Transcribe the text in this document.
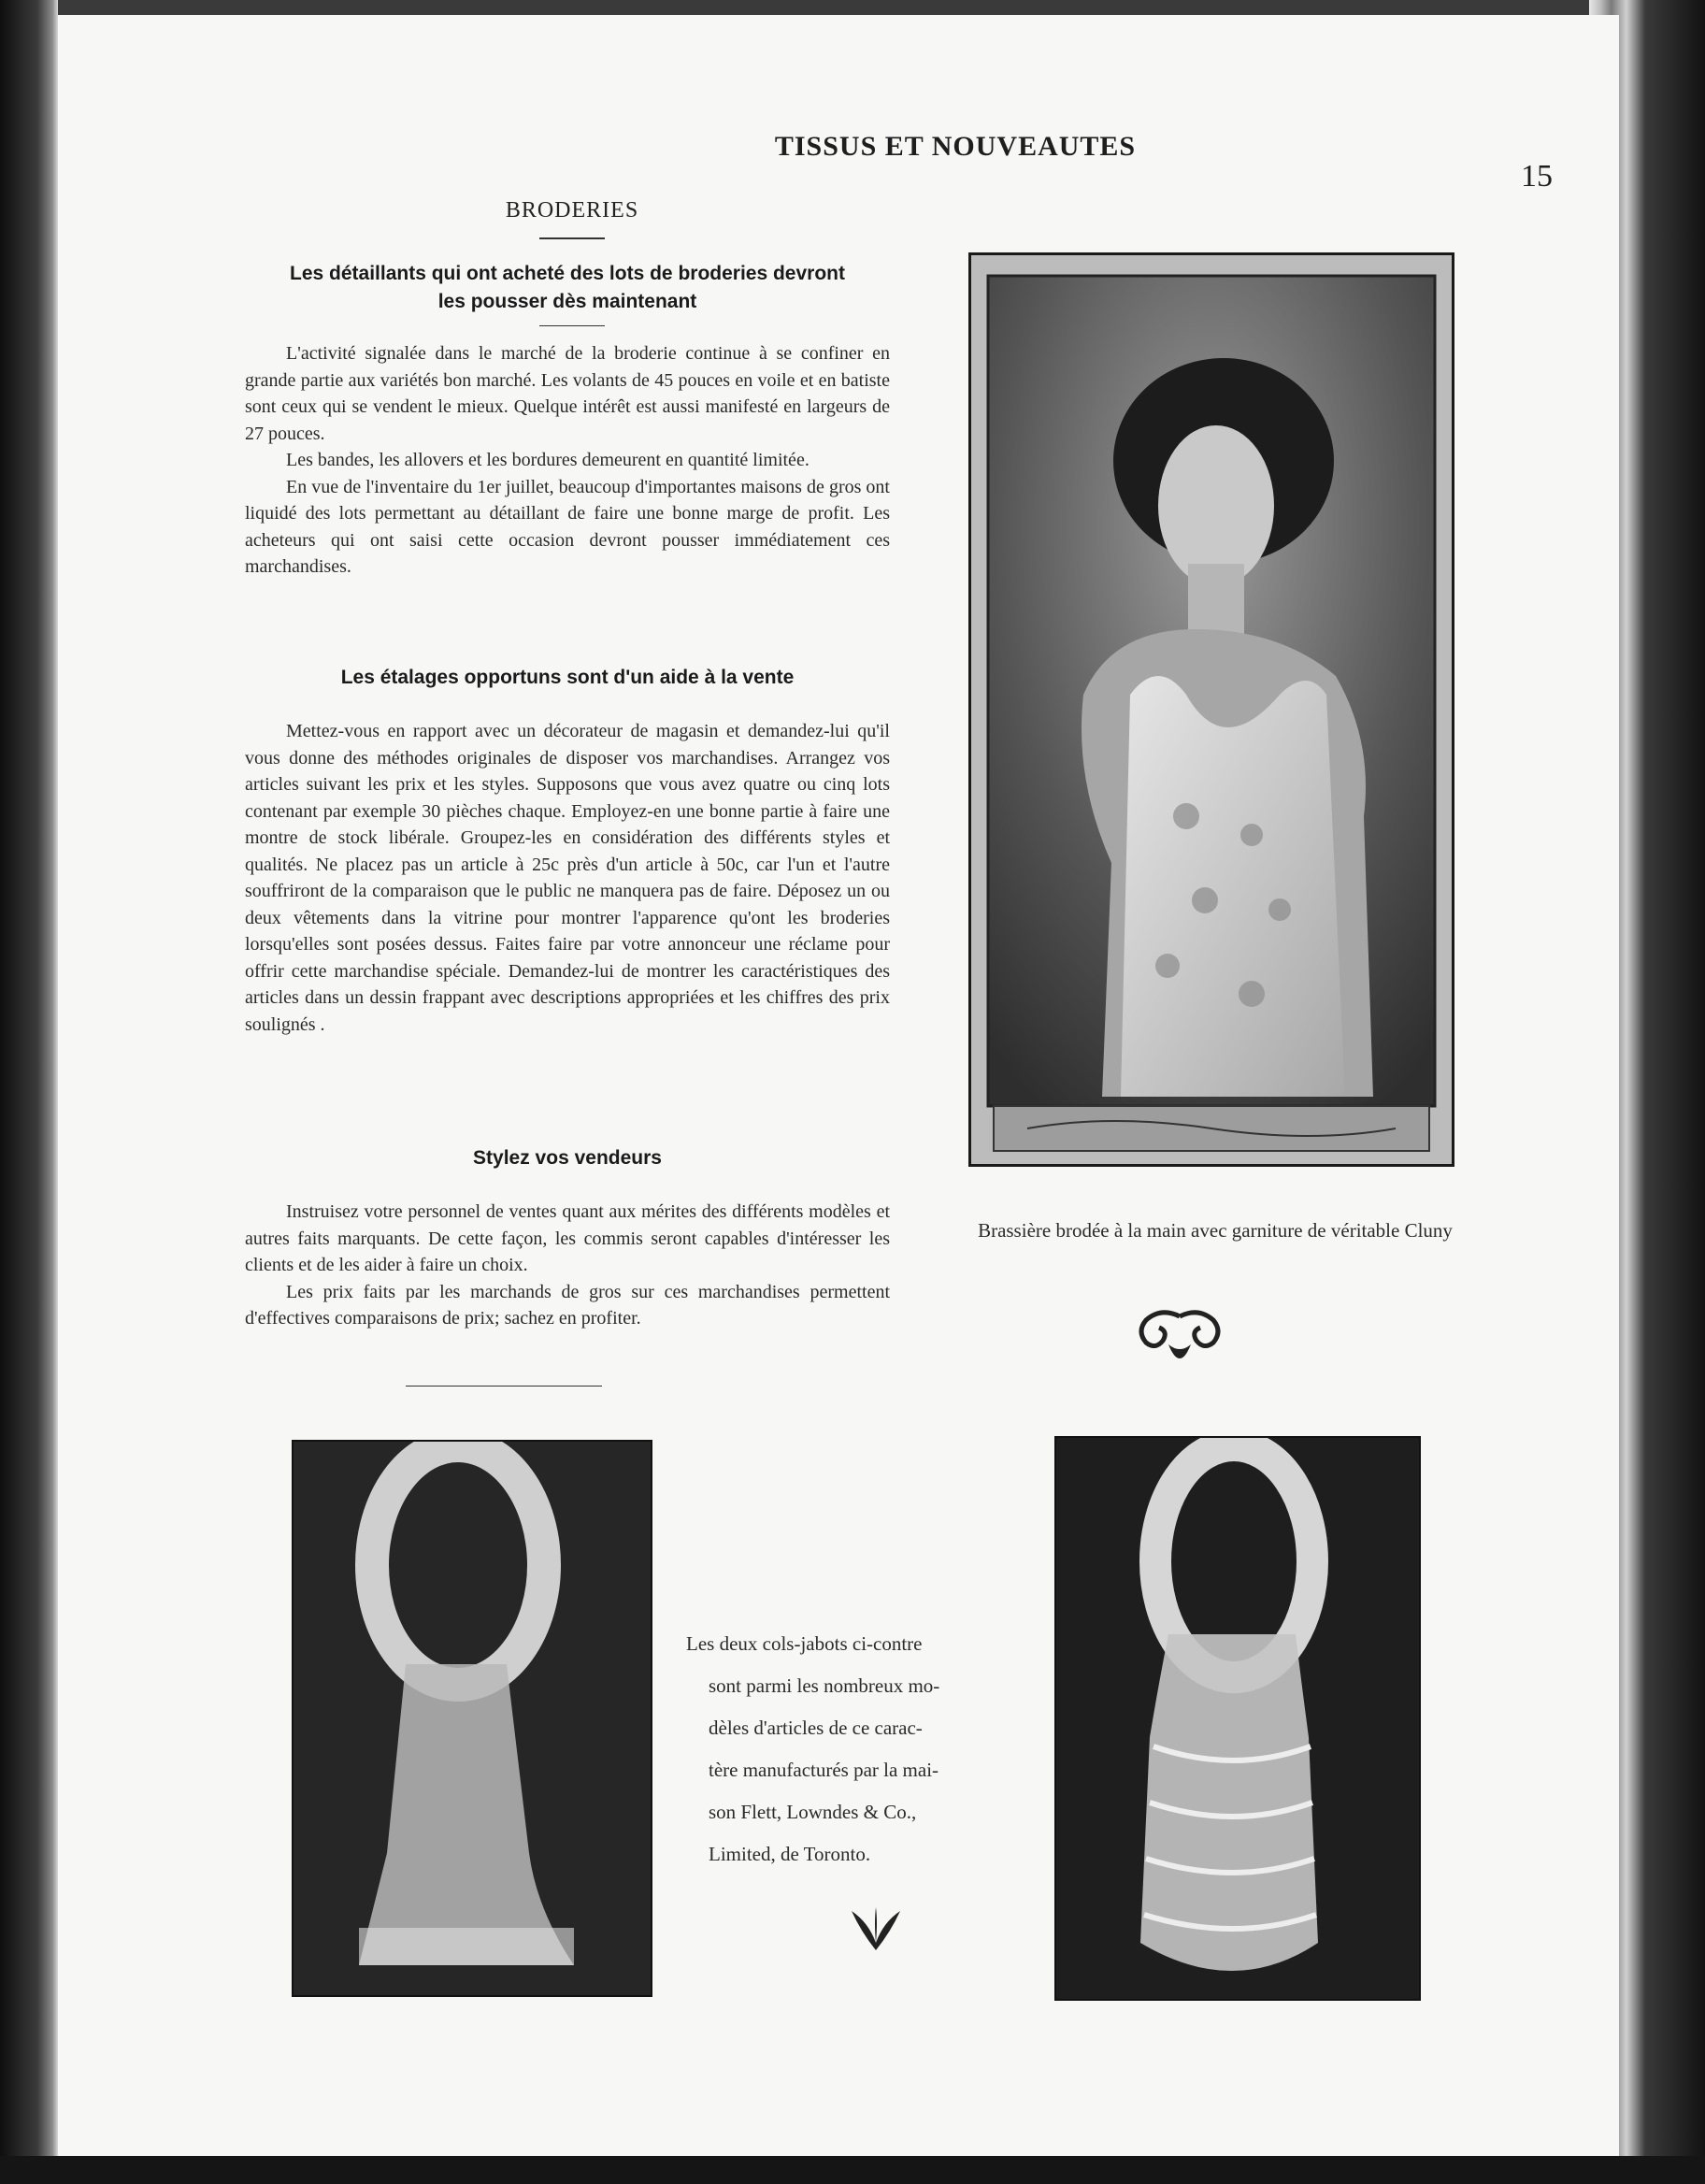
TISSUS ET NOUVEAUTES
15
BRODERIES
Les détaillants qui ont acheté des lots de broderies devront
les pousser dès maintenant

L'activité signalée dans le marché de la broderie continue à se confiner en grande partie aux variétés bon marché. Les volants de 45 pouces en voile et en batiste sont ceux qui se vendent le mieux. Quelque intérêt est aussi manifesté en largeurs de 27 pouces.

Les bandes, les allovers et les bordures demeurent en quantité limitée.

En vue de l'inventaire du 1er juillet, beaucoup d'importantes maisons de gros ont liquidé des lots permettant au détaillant de faire une bonne marge de profit. Les acheteurs qui ont saisi cette occasion devront pousser immédiatement ces marchandises.

Les étalages opportuns sont d'un aide à la vente

Mettez-vous en rapport avec un décorateur de magasin et demandez-lui qu'il vous donne des méthodes originales de disposer vos marchandises. Arrangez vos articles suivant les prix et les styles. Supposons que vous avez quatre ou cinq lots contenant par exemple 30 pièches chaque. Employez-en une bonne partie à faire une montre de stock libérale. Groupez-les en considération des différents styles et qualités. Ne placez pas un article à 25c près d'un article à 50c, car l'un et l'autre souffriront de la comparaison que le public ne manquera pas de faire. Déposez un ou deux vêtements dans la vitrine pour montrer l'apparence qu'ont les broderies lorsqu'elles sont posées dessus. Faites faire par votre annonceur une réclame pour offrir cette marchandise spéciale. Demandez-lui de montrer les caractéristiques des articles dans un dessin frappant avec descriptions appropriées et les chiffres des prix soulignés .

Stylez vos vendeurs

Instruisez votre personnel de ventes quant aux mérites des différents modèles et autres faits marquants. De cette façon, les commis seront capables d'intéresser les clients et de les aider à faire un choix.

Les prix faits par les marchands de gros sur ces marchandises permettent d'effectives comparaisons de prix; sachez en profiter.

Brassière brodée à la main avec garniture de véritable Cluny
Les deux cols-jabots ci-contre
sont parmi les nombreux mo-
dèles d'articles de ce carac-
tère manufacturés par la mai-
son Flett, Lowndes & Co.,
Limited, de Toronto.
